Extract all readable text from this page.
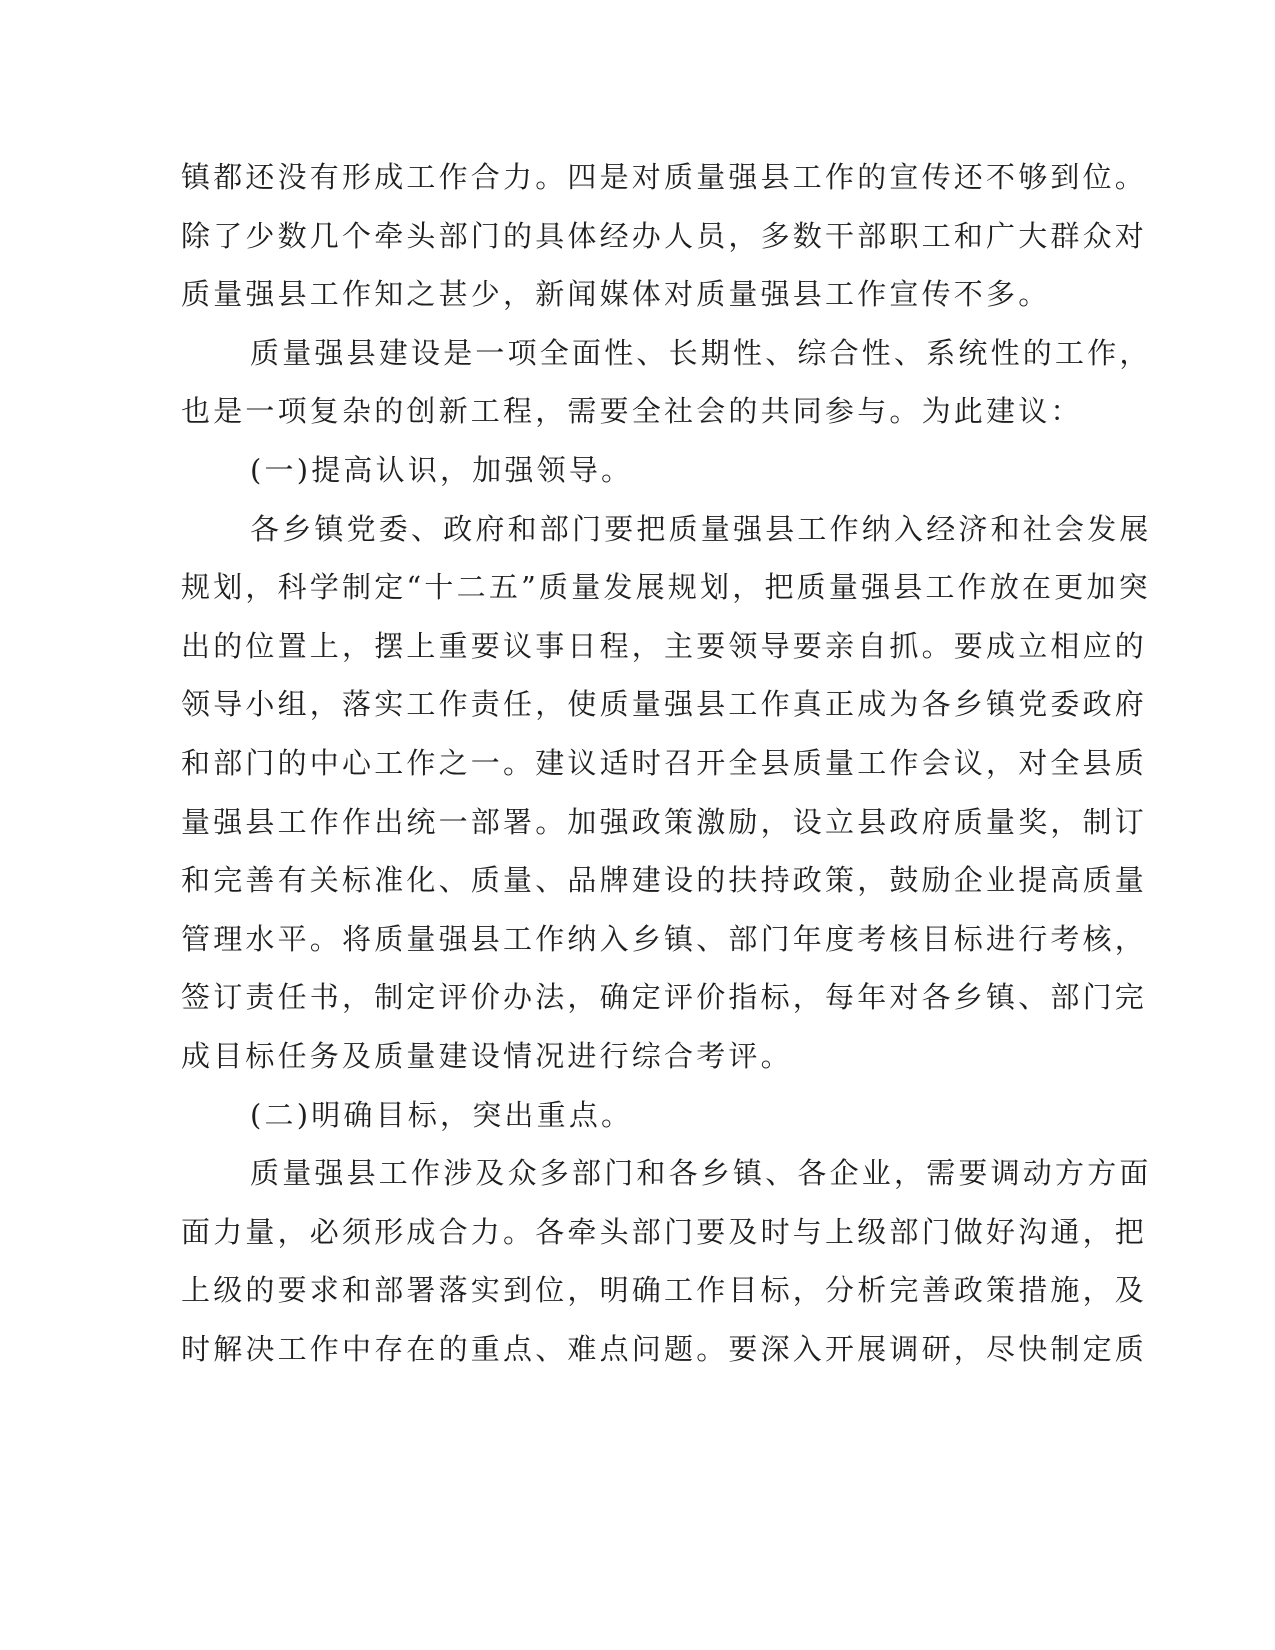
镇都还没有形成工作合力。四是对质量强县工作的宣传还不够到位。
除了少数几个牵头部门的具体经办人员，多数干部职工和广大群众对
质量强县工作知之甚少，新闻媒体对质量强县工作宣传不多。
质量强县建设是一项全面性、长期性、综合性、系统性的工作，
也是一项复杂的创新工程，需要全社会的共同参与。为此建议：
(一)提高认识，加强领导。
各乡镇党委、政府和部门要把质量强县工作纳入经济和社会发展
规划，科学制定“十二五”质量发展规划，把质量强县工作放在更加突
出的位置上，摆上重要议事日程，主要领导要亲自抓。要成立相应的
领导小组，落实工作责任，使质量强县工作真正成为各乡镇党委政府
和部门的中心工作之一。建议适时召开全县质量工作会议，对全县质
量强县工作作出统一部署。加强政策激励，设立县政府质量奖，制订
和完善有关标准化、质量、品牌建设的扶持政策，鼓励企业提高质量
管理水平。将质量强县工作纳入乡镇、部门年度考核目标进行考核，
签订责任书，制定评价办法，确定评价指标，每年对各乡镇、部门完
成目标任务及质量建设情况进行综合考评。
(二)明确目标，突出重点。
质量强县工作涉及众多部门和各乡镇、各企业，需要调动方方面
面力量，必须形成合力。各牵头部门要及时与上级部门做好沟通，把
上级的要求和部署落实到位，明确工作目标，分析完善政策措施，及
时解决工作中存在的重点、难点问题。要深入开展调研，尽快制定质
